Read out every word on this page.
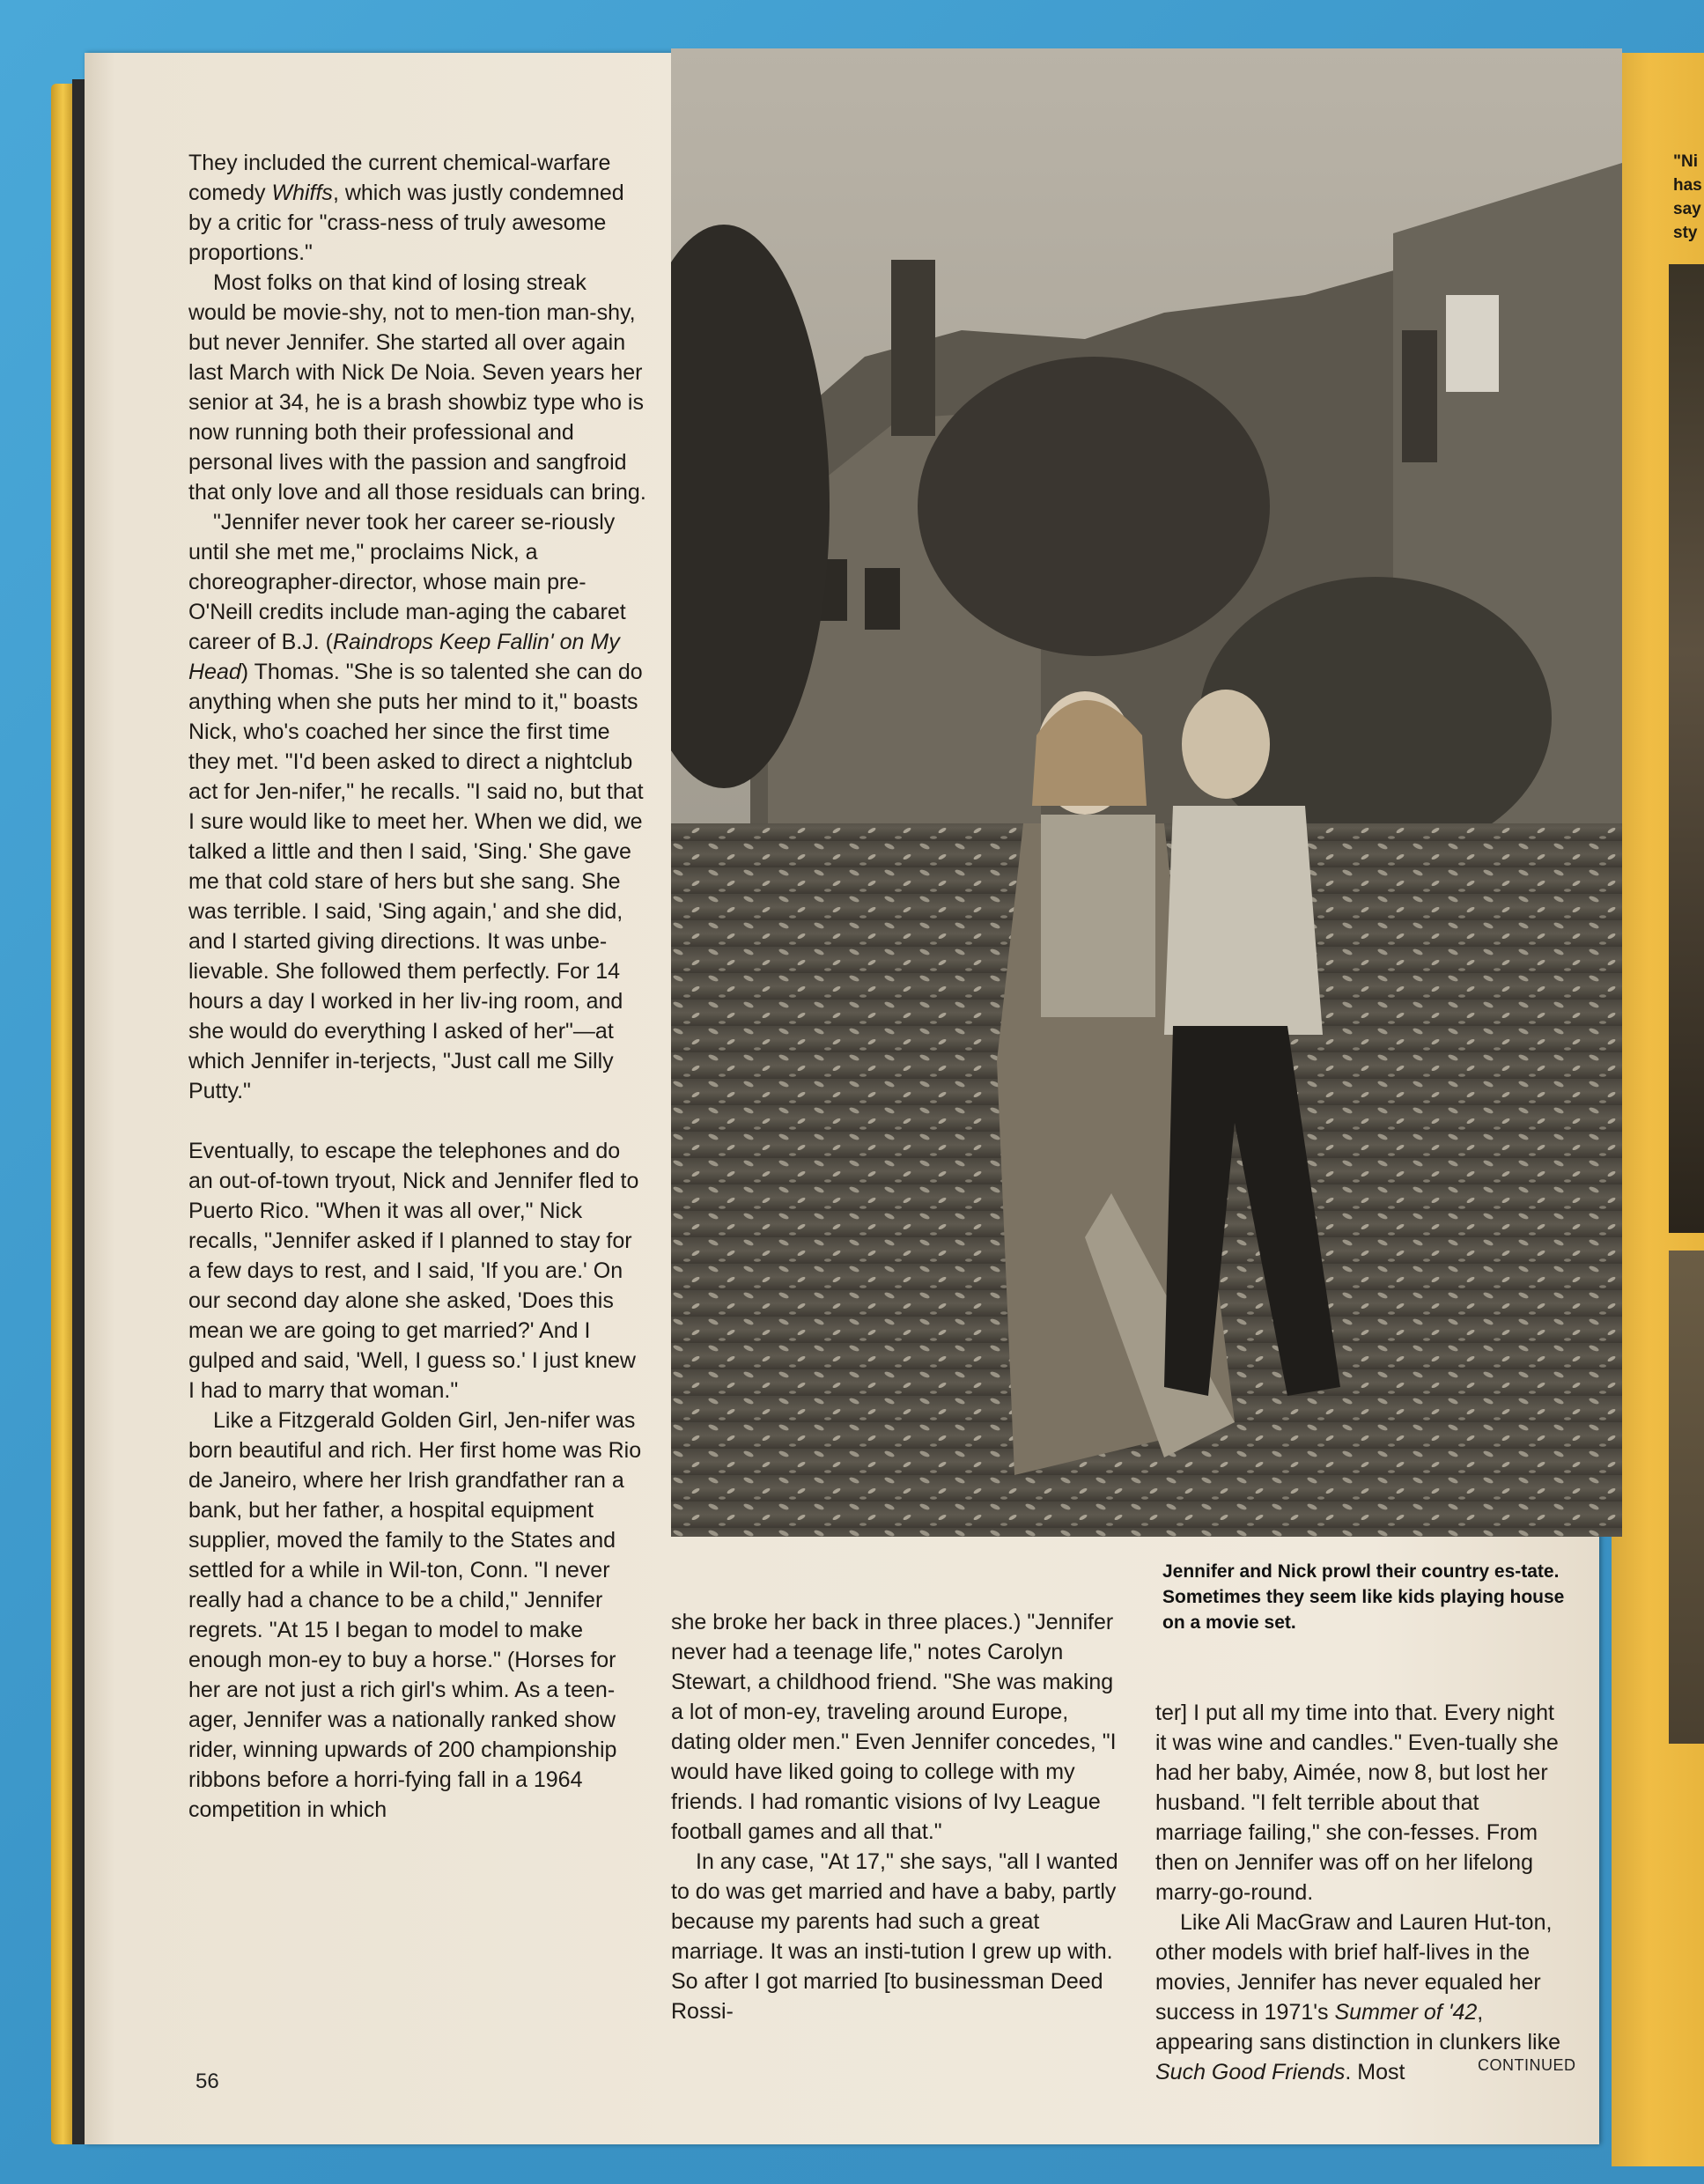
"Ni
has
say
sty

They included the current chemical-warfare comedy Whiffs, which was justly condemned by a critic for "crass-ness of truly awesome proportions."

Most folks on that kind of losing streak would be movie-shy, not to men-tion man-shy, but never Jennifer. She started all over again last March with Nick De Noia. Seven years her senior at 34, he is a brash showbiz type who is now running both their professional and personal lives with the passion and sangfroid that only love and all those residuals can bring.

"Jennifer never took her career se-riously until she met me," proclaims Nick, a choreographer-director, whose main pre-O'Neill credits include man-aging the cabaret career of B.J. (Raindrops Keep Fallin' on My Head) Thomas. "She is so talented she can do anything when she puts her mind to it," boasts Nick, who's coached her since the first time they met. "I'd been asked to direct a nightclub act for Jen-nifer," he recalls. "I said no, but that I sure would like to meet her. When we did, we talked a little and then I said, 'Sing.' She gave me that cold stare of hers but she sang. She was terrible. I said, 'Sing again,' and she did, and I started giving directions. It was unbe-lievable. She followed them perfectly. For 14 hours a day I worked in her liv-ing room, and she would do everything I asked of her"—at which Jennifer in-terjects, "Just call me Silly Putty."

Eventually, to escape the telephones and do an out-of-town tryout, Nick and Jennifer fled to Puerto Rico. "When it was all over," Nick recalls, "Jennifer asked if I planned to stay for a few days to rest, and I said, 'If you are.' On our second day alone she asked, 'Does this mean we are going to get married?' And I gulped and said, 'Well, I guess so.' I just knew I had to marry that woman."

Like a Fitzgerald Golden Girl, Jen-nifer was born beautiful and rich. Her first home was Rio de Janeiro, where her Irish grandfather ran a bank, but her father, a hospital equipment supplier, moved the family to the States and settled for a while in Wil-ton, Conn. "I never really had a chance to be a child," Jennifer regrets. "At 15 I began to model to make enough mon-ey to buy a horse." (Horses for her are not just a rich girl's whim. As a teen-ager, Jennifer was a nationally ranked show rider, winning upwards of 200 championship ribbons before a horri-fying fall in a 1964 competition in which

Jennifer and Nick prowl their country es-tate. Sometimes they seem like kids playing house on a movie set.

she broke her back in three places.) "Jennifer never had a teenage life," notes Carolyn Stewart, a childhood friend. "She was making a lot of mon-ey, traveling around Europe, dating older men." Even Jennifer concedes, "I would have liked going to college with my friends. I had romantic visions of Ivy League football games and all that."

In any case, "At 17," she says, "all I wanted to do was get married and have a baby, partly because my parents had such a great marriage. It was an insti-tution I grew up with. So after I got married [to businessman Deed Rossi-

ter] I put all my time into that. Every night it was wine and candles." Even-tually she had her baby, Aimée, now 8, but lost her husband. "I felt terrible about that marriage failing," she con-fesses. From then on Jennifer was off on her lifelong marry-go-round.

Like Ali MacGraw and Lauren Hut-ton, other models with brief half-lives in the movies, Jennifer has never equaled her success in 1971's Summer of '42, appearing sans distinction in clunkers like Such Good Friends. Most

56
CONTINUED
